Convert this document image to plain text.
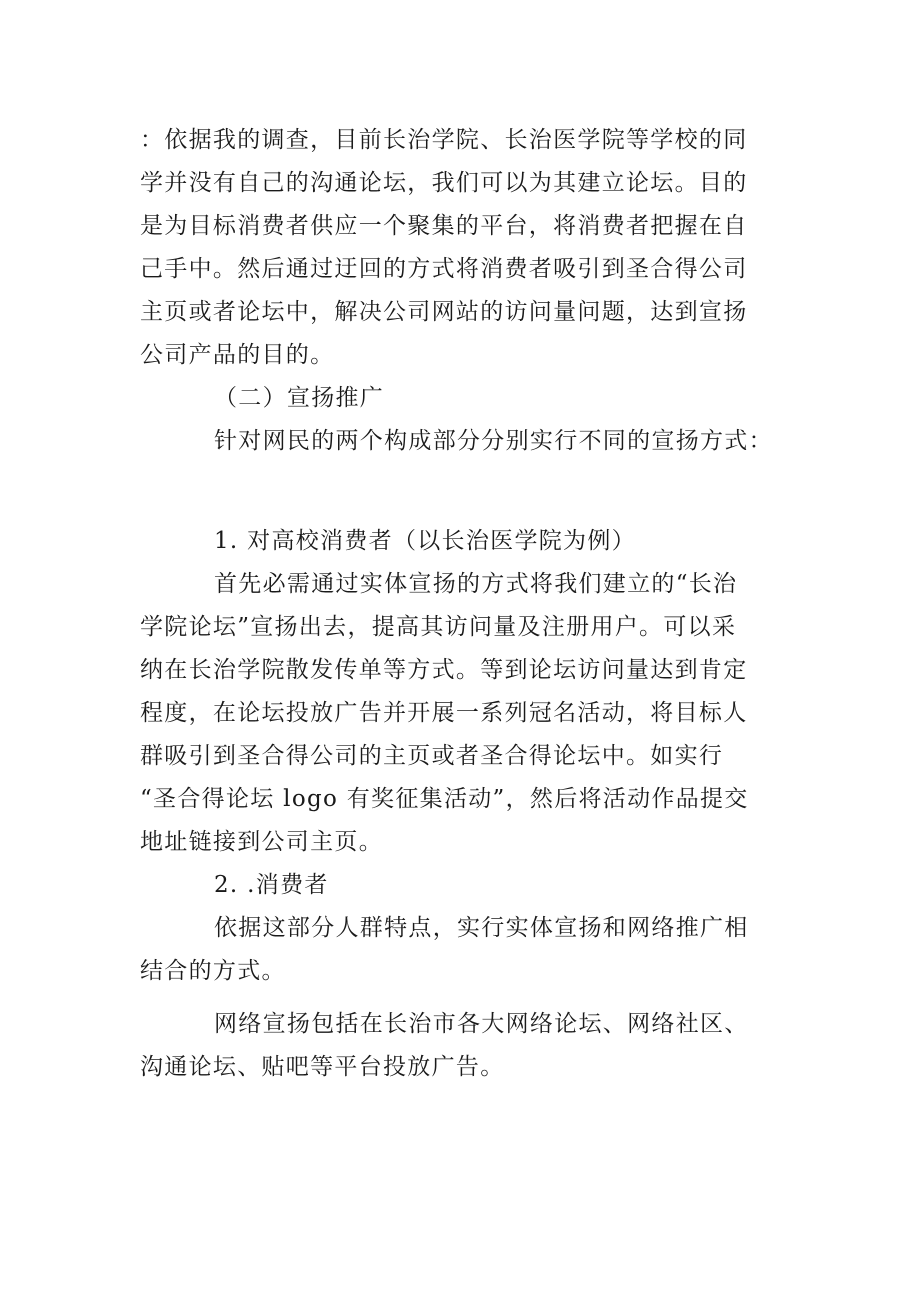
：依据我的调查，目前长治学院、长治医学院等学校的同
学并没有自己的沟通论坛，我们可以为其建立论坛。目的
是为目标消费者供应一个聚集的平台，将消费者把握在自
己手中。然后通过迂回的方式将消费者吸引到圣合得公司
主页或者论坛中，解决公司网站的访问量问题，达到宣扬
公司产品的目的。
（二）宣扬推广
针对网民的两个构成部分分别实行不同的宣扬方式：
1. 对高校消费者（以长治医学院为例）
首先必需通过实体宣扬的方式将我们建立的“长治
学院论坛”宣扬出去，提高其访问量及注册用户。可以采
纳在长治学院散发传单等方式。等到论坛访问量达到肯定
程度，在论坛投放广告并开展一系列冠名活动，将目标人
群吸引到圣合得公司的主页或者圣合得论坛中。如实行
“圣合得论坛 logo 有奖征集活动”，然后将活动作品提交
地址链接到公司主页。
2. .消费者
依据这部分人群特点，实行实体宣扬和网络推广相
结合的方式。
网络宣扬包括在长治市各大网络论坛、网络社区、
沟通论坛、贴吧等平台投放广告。
